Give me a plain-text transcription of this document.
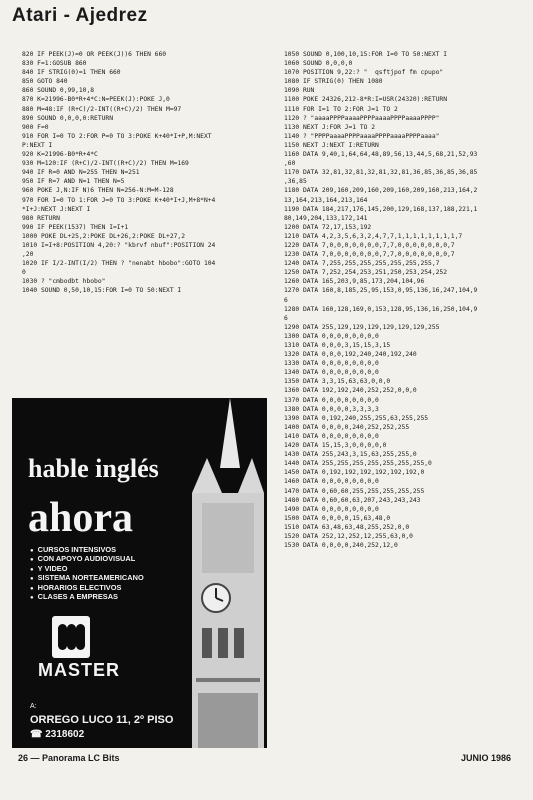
Atari - Ajedrez
820 IF PEEK(J)=0 OR PEEK(J))6 THEN 660
830 F=1:GOSUB 860
840 IF STRIG(0)=1 THEN 660
850 GOTO 840
860 SOUND 0,99,10,8
870 K=21996-B0*R+4*C:N=PEEK(J):POKE J,0
880 M=48:IF (R+C)/2-INT((R+C)/2) THEN M=97
890 SOUND 0,0,0,0:RETURN
900 F=0
910 FOR I=0 TO 2:FOR P=0 TO 3:POKE K+40*I+P,M:NEXT
P:NEXT I
920 K=21996-B0*R+4*C
930 M=120:IF (R+C)/2-INT((R+C)/2) THEN M=169
940 IF R=0 AND N=255 THEN N=251
950 IF R=7 AND N=1 THEN N=5
960 POKE J,N:IF N)6 THEN N=256-N:M=M-128
970 FOR I=0 TO 1:FOR J=0 TO 3:POKE K+40*I+J,M+8*N+4
*I+J:NEXT J:NEXT I
980 RETURN
990 IF PEEK(1537) THEN I=I+1
1000 POKE DL+25,2:POKE DL+26,2:POKE DL+27,2
1010 I=I+8:POSITION 4,20:? "kbrvf nbuf":POSITION 24
,20
1020 IF I/2-INT(I/2) THEN ? "nenabt hbobo":GOTO 104
0
1030 ? "cmbodbt hbobo"
1040 SOUND 0,50,10,15:FOR I=0 TO 50:NEXT I
1050 SOUND 0,100,10,15:FOR I=0 TO 50:NEXT I
1060 SOUND 0,0,0,0
1070 POSITION 9,22:? "  qsftjpof fm cpupo"
1080 IF STRIG(0) THEN 1080
1090 RUN
1100 POKE 24326,212-8*R:I=USR(24320):RETURN
1110 FOR I=1 TO 2:FOR J=1 TO 2
1120 ? "aaaaPPPPaaaaPPPPaaaaPPPPaaaaPPPP"
1130 NEXT J:FOR J=1 TO 2
1140 ? "PPPPaaaaPPPPaaaaPPPPaaaaPPPPaaaa"
1150 NEXT J:NEXT I:RETURN
1160 DATA 9,40,1,64,64,48,89,56,13,44,5,68,21,52,93
,60
1170 DATA 32,81,32,81,32,81,32,81,36,85,36,85,36,85
,36,85
1180 DATA 209,160,209,160,209,160,209,160,213,164,2
13,164,213,164,213,164
1190 DATA 184,217,176,145,200,129,168,137,188,221,1
80,149,204,133,172,141
1200 DATA 72,17,153,192
1210 DATA 4,2,3,5,6,3,2,4,7,7,1,1,1,1,1,1,1,1,7
1220 DATA 7,0,0,0,0,0,0,0,7,7,0,0,0,0,0,0,0,7
1230 DATA 7,0,0,0,0,0,0,0,7,7,0,0,0,0,0,0,0,7
1240 DATA 7,255,255,255,255,255,255,255,7
1250 DATA 7,252,254,253,251,250,253,254,252
1260 DATA 165,203,9,85,173,204,104,96
1270 DATA 160,8,185,25,95,153,0,95,136,16,247,104,9
6
1280 DATA 160,128,169,0,153,128,95,136,16,250,104,9
6
1290 DATA 255,129,129,129,129,129,129,255
1300 DATA 0,0,0,0,0,0,0,0
1310 DATA 0,0,0,3,15,15,3,15
1320 DATA 0,0,0,192,240,240,192,240
1330 DATA 0,0,0,0,0,0,0,0
1340 DATA 0,0,0,0,0,0,0,0
1350 DATA 3,3,15,63,63,0,0,0
1360 DATA 192,192,240,252,252,0,0,0
1370 DATA 0,0,0,0,0,0,0,0
1380 DATA 0,0,0,0,3,3,3,3
1390 DATA 0,192,240,255,255,63,255,255
1400 DATA 0,0,0,0,240,252,252,255
1410 DATA 0,0,0,0,0,0,0,0
1420 DATA 15,15,3,0,0,0,0,0
1430 DATA 255,243,3,15,63,255,255,0
1440 DATA 255,255,255,255,255,255,255,0
1450 DATA 0,192,192,192,192,192,192,0
1460 DATA 0,0,0,0,0,0,0,0
1470 DATA 0,60,60,255,255,255,255,255
1480 DATA 0,60,60,63,207,243,243,243
1490 DATA 0,0,0,0,0,0,0,0
1500 DATA 0,0,0,0,15,63,48,0
1510 DATA 63,48,63,48,255,252,0,0
1520 DATA 252,12,252,12,255,63,0,0
1530 DATA 0,0,0,0,240,252,12,0
hable inglés
ahora
● CURSOS INTENSIVOS
● CON APOYO AUDIOVISUAL
● Y VIDEO
● SISTEMA NORTEAMERICANO
● HORARIOS ELECTIVOS
● CLASES A EMPRESAS
MASTER
A:
ORREGO LUCO 11, 2º PISO
☎ 2318602
26 — Panorama LC Bits	JUNIO 1986
